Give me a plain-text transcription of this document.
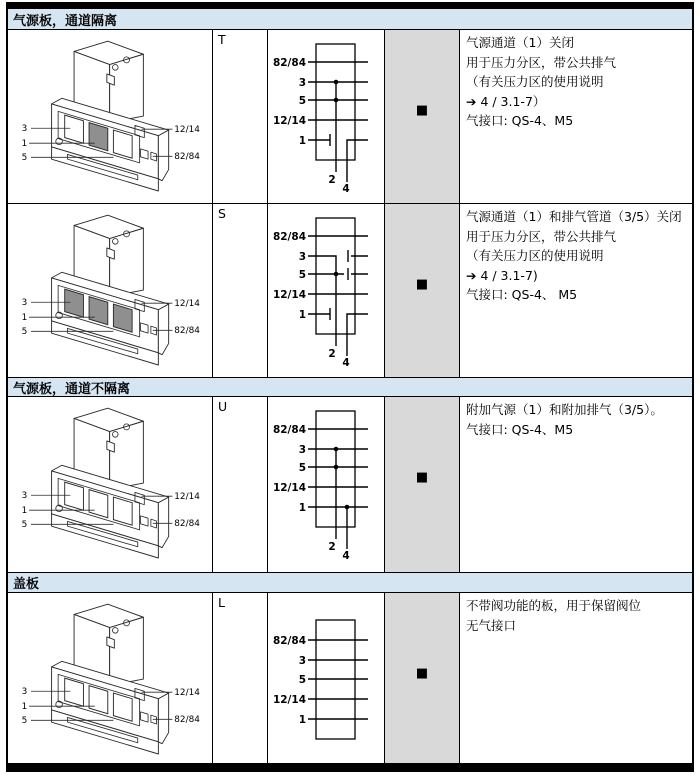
气源板，通道隔离
3
1
5
12/14
82/84
T
82/84
3
5
12/14
1
2
4
■
气源通道（1）关闭
用于压力分区，带公共排气
（有关压力区的使用说明
➔ 4 / 3.1-7）
气接口: QS-4、M5
3
1
5
12/14
82/84
S
82/84
3
5
12/14
1
2
4
■
气源通道（1）和排气管道（3/5）关闭
用于压力分区，带公共排气
（有关压力区的使用说明
➔ 4 / 3.1-7)
气接口: QS-4、 M5
气源板，通道不隔离
3
1
5
12/14
82/84
U
82/84
3
5
12/14
1
2
4
■
附加气源（1）和附加排气（3/5）。
气接口: QS-4、M5
盖板
3
1
5
12/14
82/84
L
82/84
3
5
12/14
1
■
不带阀功能的板，用于保留阀位
无气接口
